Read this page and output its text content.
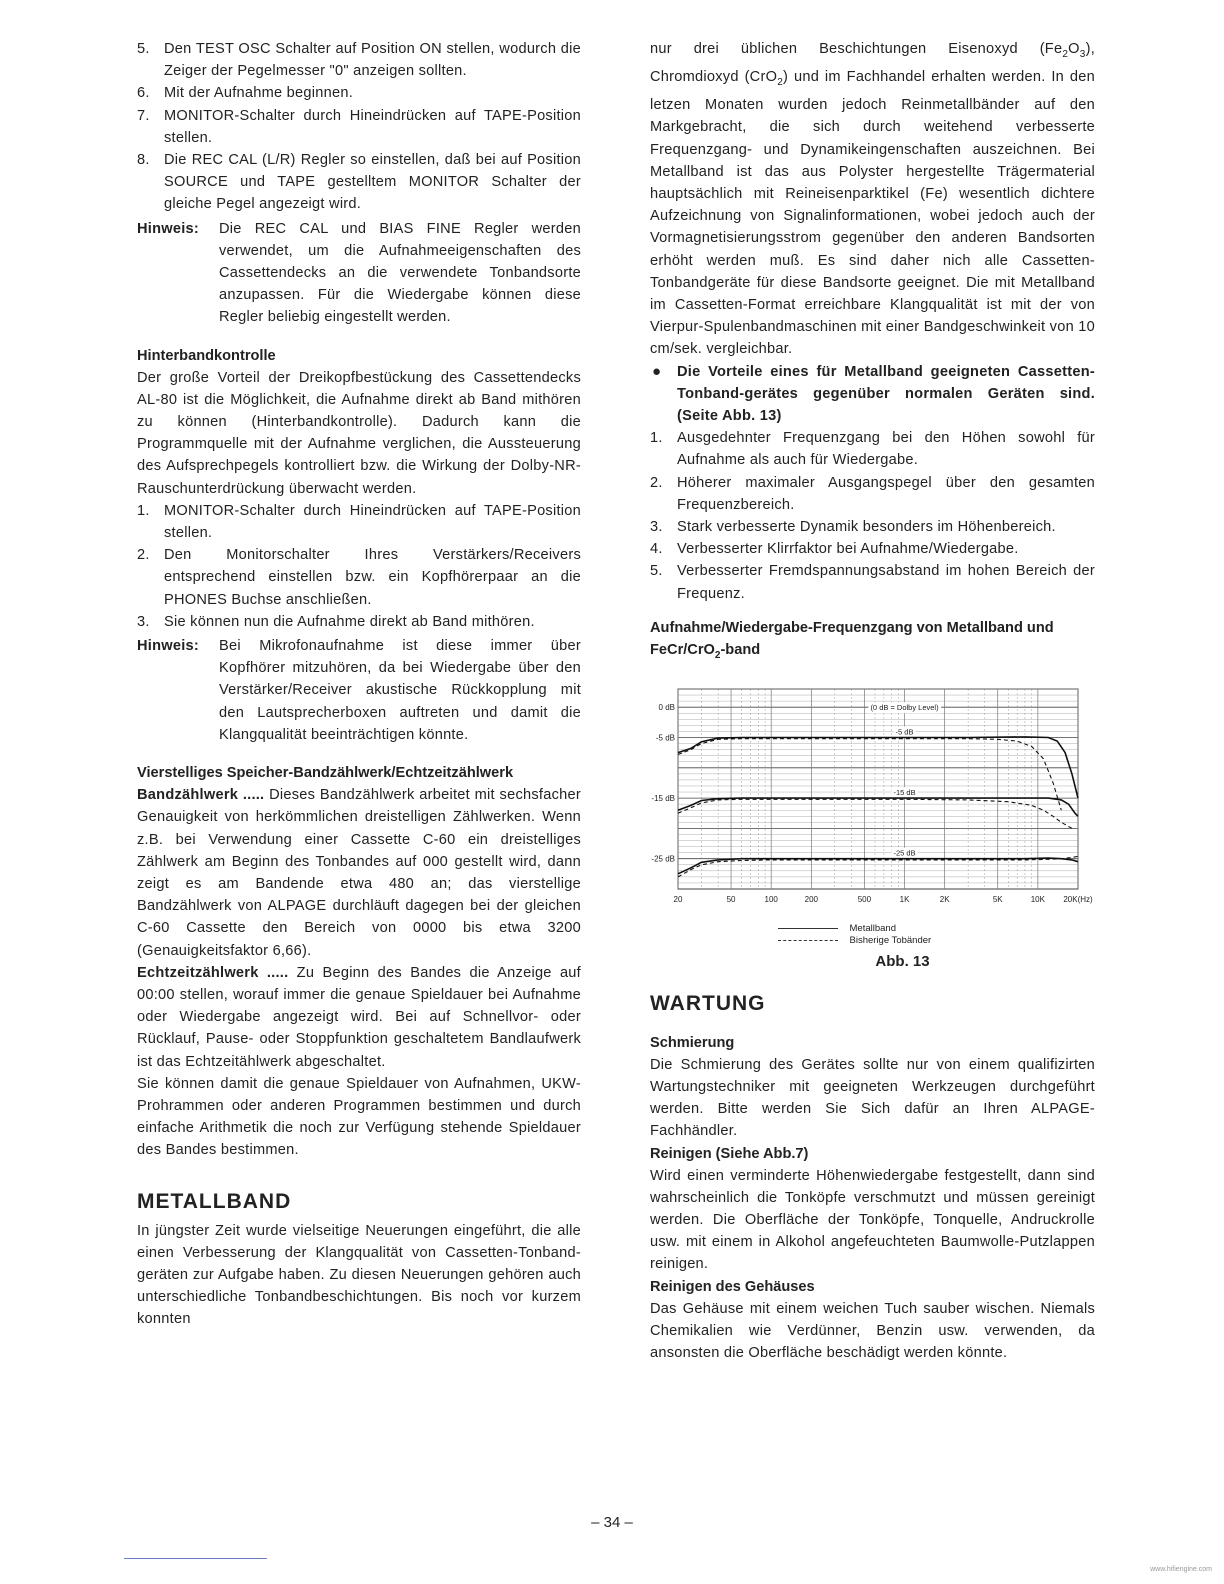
5. Den TEST OSC Schalter auf Position ON stellen, wodurch die Zeiger der Pegelmesser "0" anzeigen sollten.
6. Mit der Aufnahme beginnen.
7. MONITOR-Schalter durch Hineindrücken auf TAPE-Position stellen.
8. Die REC CAL (L/R) Regler so einstellen, daß bei auf Position SOURCE und TAPE gestelltem MONITOR Schalter der gleiche Pegel angezeigt wird.
Hinweis:	Die REC CAL und BIAS FINE Regler werden verwendet, um die Aufnahmeeigenschaften des Cassettendecks an die verwendete Tonbandsorte anzupassen. Für die Wiedergabe können diese Regler beliebig eingestellt werden.
Hinterbandkontrolle

Der große Vorteil der Dreikopfbestückung des Cassettendecks AL-80 ist die Möglichkeit, die Aufnahme direkt ab Band mithören zu können (Hinterbandkontrolle). Dadurch kann die Programmquelle mit der Aufnahme verglichen, die Aussteuerung des Aufsprechpegels kontrolliert bzw. die Wirkung der Dolby-NR-Rauschunterdrückung überwacht werden.

1. MONITOR-Schalter durch Hineindrücken auf TAPE-Position stellen.
2. Den Monitorschalter Ihres Verstärkers/Receivers entsprechend einstellen bzw. ein Kopfhörerpaar an die PHONES Buchse anschließen.
3. Sie können nun die Aufnahme direkt ab Band mithören.
Hinweis:	Bei Mikrofonaufnahme ist diese immer über Kopfhörer mitzuhören, da bei Wiedergabe über den Verstärker/Receiver akustische Rückkopplung mit den Lautsprecherboxen auftreten und damit die Klangqualität beeinträchtigen könnte.
Vierstelliges Speicher-Bandzählwerk/Echtzeitzählwerk

Bandzählwerk ..... Dieses Bandzählwerk arbeitet mit sechsfacher Genauigkeit von herkömmlichen dreistelligen Zählwerken. Wenn z.B. bei Verwendung einer Cassette C-60 ein dreistelliges Zählwerk am Beginn des Tonbandes auf 000 gestellt wird, dann zeigt es am Bandende etwa 480 an; das vierstellige Bandzählwerk von ALPAGE durchläuft dagegen bei der gleichen C-60 Cassette den Bereich von 0000 bis etwa 3200 (Genauigkeitsfaktor 6,66).

Echtzeitzählwerk ..... Zu Beginn des Bandes die Anzeige auf 00:00 stellen, worauf immer die genaue Spieldauer bei Aufnahme oder Wiedergabe angezeigt wird. Bei auf Schnellvor- oder Rücklauf, Pause- oder Stoppfunktion geschaltetem Bandlaufwerk ist das Echtzeitählwerk abgeschaltet.

Sie können damit die genaue Spieldauer von Aufnahmen, UKW-Prohrammen oder anderen Programmen bestimmen und durch einfache Arithmetik die noch zur Verfügung stehende Spieldauer des Bandes bestimmen.

METALLBAND

In jüngster Zeit wurde vielseitige Neuerungen eingeführt, die alle einen Verbesserung der Klangqualität von Cassetten-Tonband-geräten zur Aufgabe haben. Zu diesen Neuerungen gehören auch unterschiedliche Tonbandbeschichtungen. Bis noch vor kurzem konnten

nur drei üblichen Beschichtungen Eisenoxyd $(Fe_2O_3)$, Chromdioxyd (CrO$_2$) und im Fachhandel erhalten werden. In den letzen Monaten wurden jedoch Reinmetallbänder auf den Markgebracht, die sich durch weitehend verbesserte Frequenzgang- und Dynamikeingenschaften auszeichnen. Bei Metallband ist das aus Polyster hergestellte Trägermaterial hauptsächlich mit Reineisenparktikel (Fe) wesentlich dichtere Aufzeichnung von Signalinformationen, wobei jedoch auch der Vormagnetisierungsstrom gegenüber den anderen Bandsorten erhöht werden muß. Es sind daher nich alle Cassetten-Tonbandgeräte für diese Bandsorte geeignet. Die mit Metallband im Cassetten-Format erreichbare Klangqualität ist mit der von Vierpur-Spulenbandmaschinen mit einer Bandgeschwinkeit von 10 cm/sek. vergleichbar.

● Die Vorteile eines für Metallband geeigneten Cassetten-Tonband-gerätes gegenüber normalen Geräten sind. (Seite Abb. 13)

1. Ausgedehnter Frequenzgang bei den Höhen sowohl für Aufnahme als auch für Wiedergabe.
2. Höherer maximaler Ausgangspegel über den gesamten Frequenzbereich.
3. Stark verbesserte Dynamik besonders im Höhenbereich.
4. Verbesserter Klirrfaktor bei Aufnahme/Wiedergabe.
5. Verbesserter Fremdspannungsabstand im hohen Bereich der Frequenz.
Aufnahme/Wiedergabe-Frequenzgang von Metallband und FeCr/CrO$_2$-band
0 dB
-5 dB
-15 dB
-25 dB
20	50	100	200	500	1K	2K	5K	10K 20K(Hz)
(0 dB = Dolby Level)
-5 dB
-15 dB
-25 dB
Metallband
Bisherige Tobänder
Abb. 13
WARTUNG
Schmierung

Die Schmierung des Gerätes sollte nur von einem qualifizirten Wartungstechniker mit geeigneten Werkzeugen durchgeführt werden. Bitte werden Sie Sich dafür an Ihren ALPAGE-Fachhändler.

Reinigen (Siehe Abb.7)

Wird einen verminderte Höhenwiedergabe festgestellt, dann sind wahrscheinlich die Tonköpfe verschmutzt und müssen gereinigt werden. Die Oberfläche der Tonköpfe, Tonquelle, Andruckrolle usw. mit einem in Alkohol angefeuchteten Baumwolle-Putzlappen reinigen.

Reinigen des Gehäuses

Das Gehäuse mit einem weichen Tuch sauber wischen. Niemals Chemikalien wie Verdünner, Benzin usw. verwenden, da ansonsten die Oberfläche beschädigt werden könnte.

– 34 –
www.hifiengine.com
